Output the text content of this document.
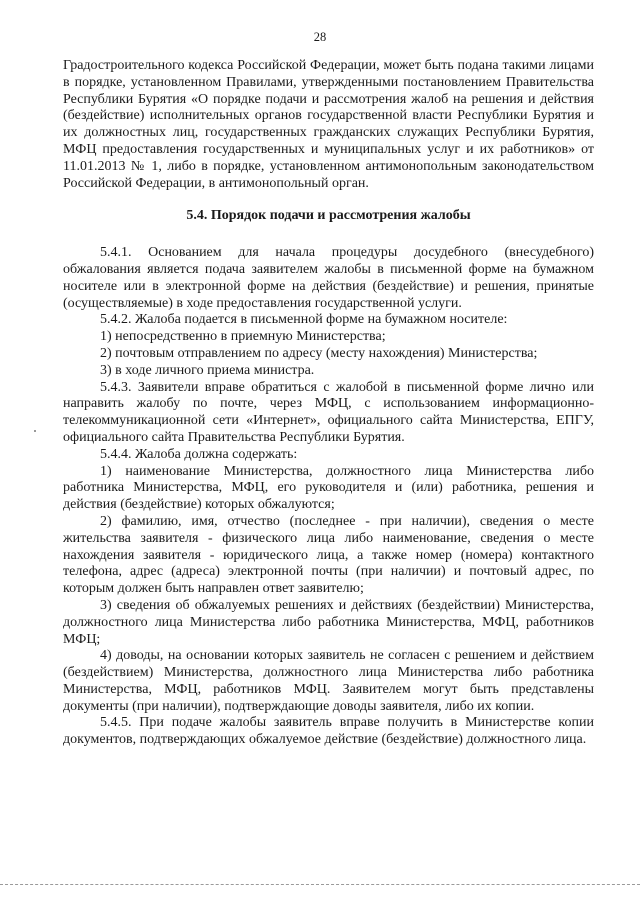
28

Градостроительного кодекса Российской Федерации, может быть подана такими лицами в порядке, установленном Правилами, утвержденными постановлением Правительства Республики Бурятия «О порядке подачи и рассмотрения жалоб на решения и действия (бездействие) исполнительных органов государственной власти Республики Бурятия и их должностных лиц, государственных гражданских служащих Республики Бурятия, МФЦ предоставления государственных и муниципальных услуг и их работников» от 11.01.2013 № 1, либо в порядке, установленном антимонопольным законодательством Российской Федерации, в антимонопольный орган.

5.4. Порядок подачи и рассмотрения жалобы

5.4.1. Основанием для начала процедуры досудебного (внесудебного) обжалования является подача заявителем жалобы в письменной форме на бумажном носителе или в электронной форме на действия (бездействие) и решения, принятые (осуществляемые) в ходе предоставления государственной услуги.

5.4.2. Жалоба подается в письменной форме на бумажном носителе:

1) непосредственно в приемную Министерства;

2) почтовым отправлением по адресу (месту нахождения) Министерства;

3) в ходе личного приема министра.

5.4.3. Заявители вправе обратиться с жалобой в письменной форме лично или направить жалобу по почте, через МФЦ, с использованием информационно-телекоммуникационной сети «Интернет», официального сайта Министерства, ЕПГУ, официального сайта Правительства Республики Бурятия.

5.4.4. Жалоба должна содержать:

1) наименование Министерства, должностного лица Министерства либо работника Министерства, МФЦ, его руководителя и (или) работника, решения и действия (бездействие) которых обжалуются;

2) фамилию, имя, отчество (последнее - при наличии), сведения о месте жительства заявителя - физического лица либо наименование, сведения о месте нахождения заявителя - юридического лица, а также номер (номера) контактного телефона, адрес (адреса) электронной почты (при наличии) и почтовый адрес, по которым должен быть направлен ответ заявителю;

3) сведения об обжалуемых решениях и действиях (бездействии) Министерства, должностного лица Министерства либо работника Министерства, МФЦ, работников МФЦ;

4) доводы, на основании которых заявитель не согласен с решением и действием (бездействием) Министерства, должностного лица Министерства либо работника Министерства, МФЦ, работников МФЦ. Заявителем могут быть представлены документы (при наличии), подтверждающие доводы заявителя, либо их копии.

5.4.5. При подаче жалобы заявитель вправе получить в Министерстве копии документов, подтверждающих обжалуемое действие (бездействие) должностного лица.
